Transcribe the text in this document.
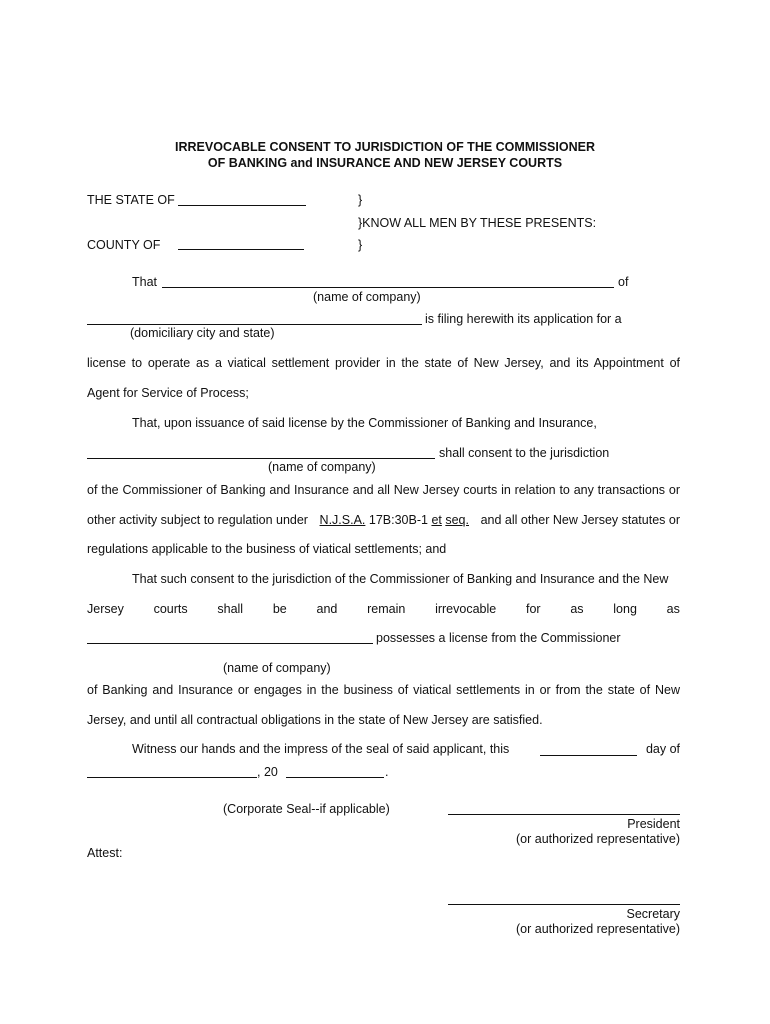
IRREVOCABLE CONSENT TO JURISDICTION OF THE COMMISSIONER
OF BANKING and INSURANCE AND NEW JERSEY COURTS
THE STATE OF	}
}KNOW ALL MEN BY THESE PRESENTS:
COUNTY OF	}
That	of
(name of company)
is filing herewith its application for a
(domiciliary city and state)
license to operate as a viatical settlement provider in the state of New Jersey, and its Appointment of
Agent for Service of Process;
That, upon issuance of said license by the Commissioner of Banking and Insurance,
shall consent to the jurisdiction
(name of company)
of the Commissioner of Banking and Insurance and all New Jersey courts in relation to any transactions or
other activity subject to regulation under N.J.S.A. 17B:30B-1 et seq. and all other New Jersey statutes or
regulations applicable to the business of viatical settlements; and
That such consent to the jurisdiction of the Commissioner of Banking and Insurance and the New
Jersey courts shall be and remain irrevocable for as long as
possesses a license from the Commissioner
(name of company)
of Banking and Insurance or engages in the business of viatical settlements in or from the state of New
Jersey, and until all contractual obligations in the state of New Jersey are satisfied.
Witness our hands and the impress of the seal of said applicant, this	day of
, 20	.
(Corporate Seal--if applicable)
President
(or authorized representative)
Attest:
Secretary
(or authorized representative)
